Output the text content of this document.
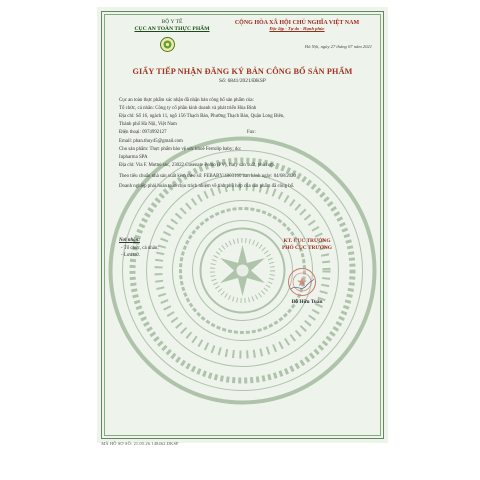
BỘ Y TẾ
CỤC AN TOÀN THỰC PHẨM
CỘNG HÒA XÃ HỘI CHỦ NGHĨA VIỆT NAM
Độc lập - Tự do - Hạnh phúc
Hà Nội, ngày 27 tháng 07 năm 2021
GIẤY TIẾP NHẬN ĐĂNG KÝ BẢN CÔNG BỐ SẢN PHẨM
Số: 6841/2021/ĐKSP
Cục an toàn thực phẩm xác nhận đã nhận bản công bố sản phẩm của:
Tổ chức, cá nhân: Công ty cổ phần kinh doanh và phát triển Hòa Bình
Địa chỉ: Số 16, ngách 11, ngõ 156 Thạch Bàn, Phường Thạch Bàn, Quận Long Biên,
Thành phố Hà Nội, Việt Nam
Điện thoại: 0974992127	Fax:
Email: phan.thuy45@gmail.com
Cho sản phẩm: Thực phẩm bảo vệ sức khoẻ Ferrolip baby; do:
Inpharma SPA
Địa chỉ: Via F. Muttei snc, 23022 Cusenate Pomo (PV), Italy sản xuất, phù hợp.
Theo tiêu chuẩn nhà sản xuất kèm theo số: FEBABY/4003160 ban hành ngày: 04/08/2020
Doanh nghiệp phải hoàn toàn chịu trách nhiệm về tính phù hợp của sản phẩm đã công bố.
Nơi nhận:
- Tổ chức, cá nhân;
- Lưu trữ.
KT. CỤC TRƯỞNG
PHÓ CỤC TRƯỞNG
Đỗ Hữu Tuấn
MÃ HỒ SƠ SỐ: 21.05.26.148462.DKSP
